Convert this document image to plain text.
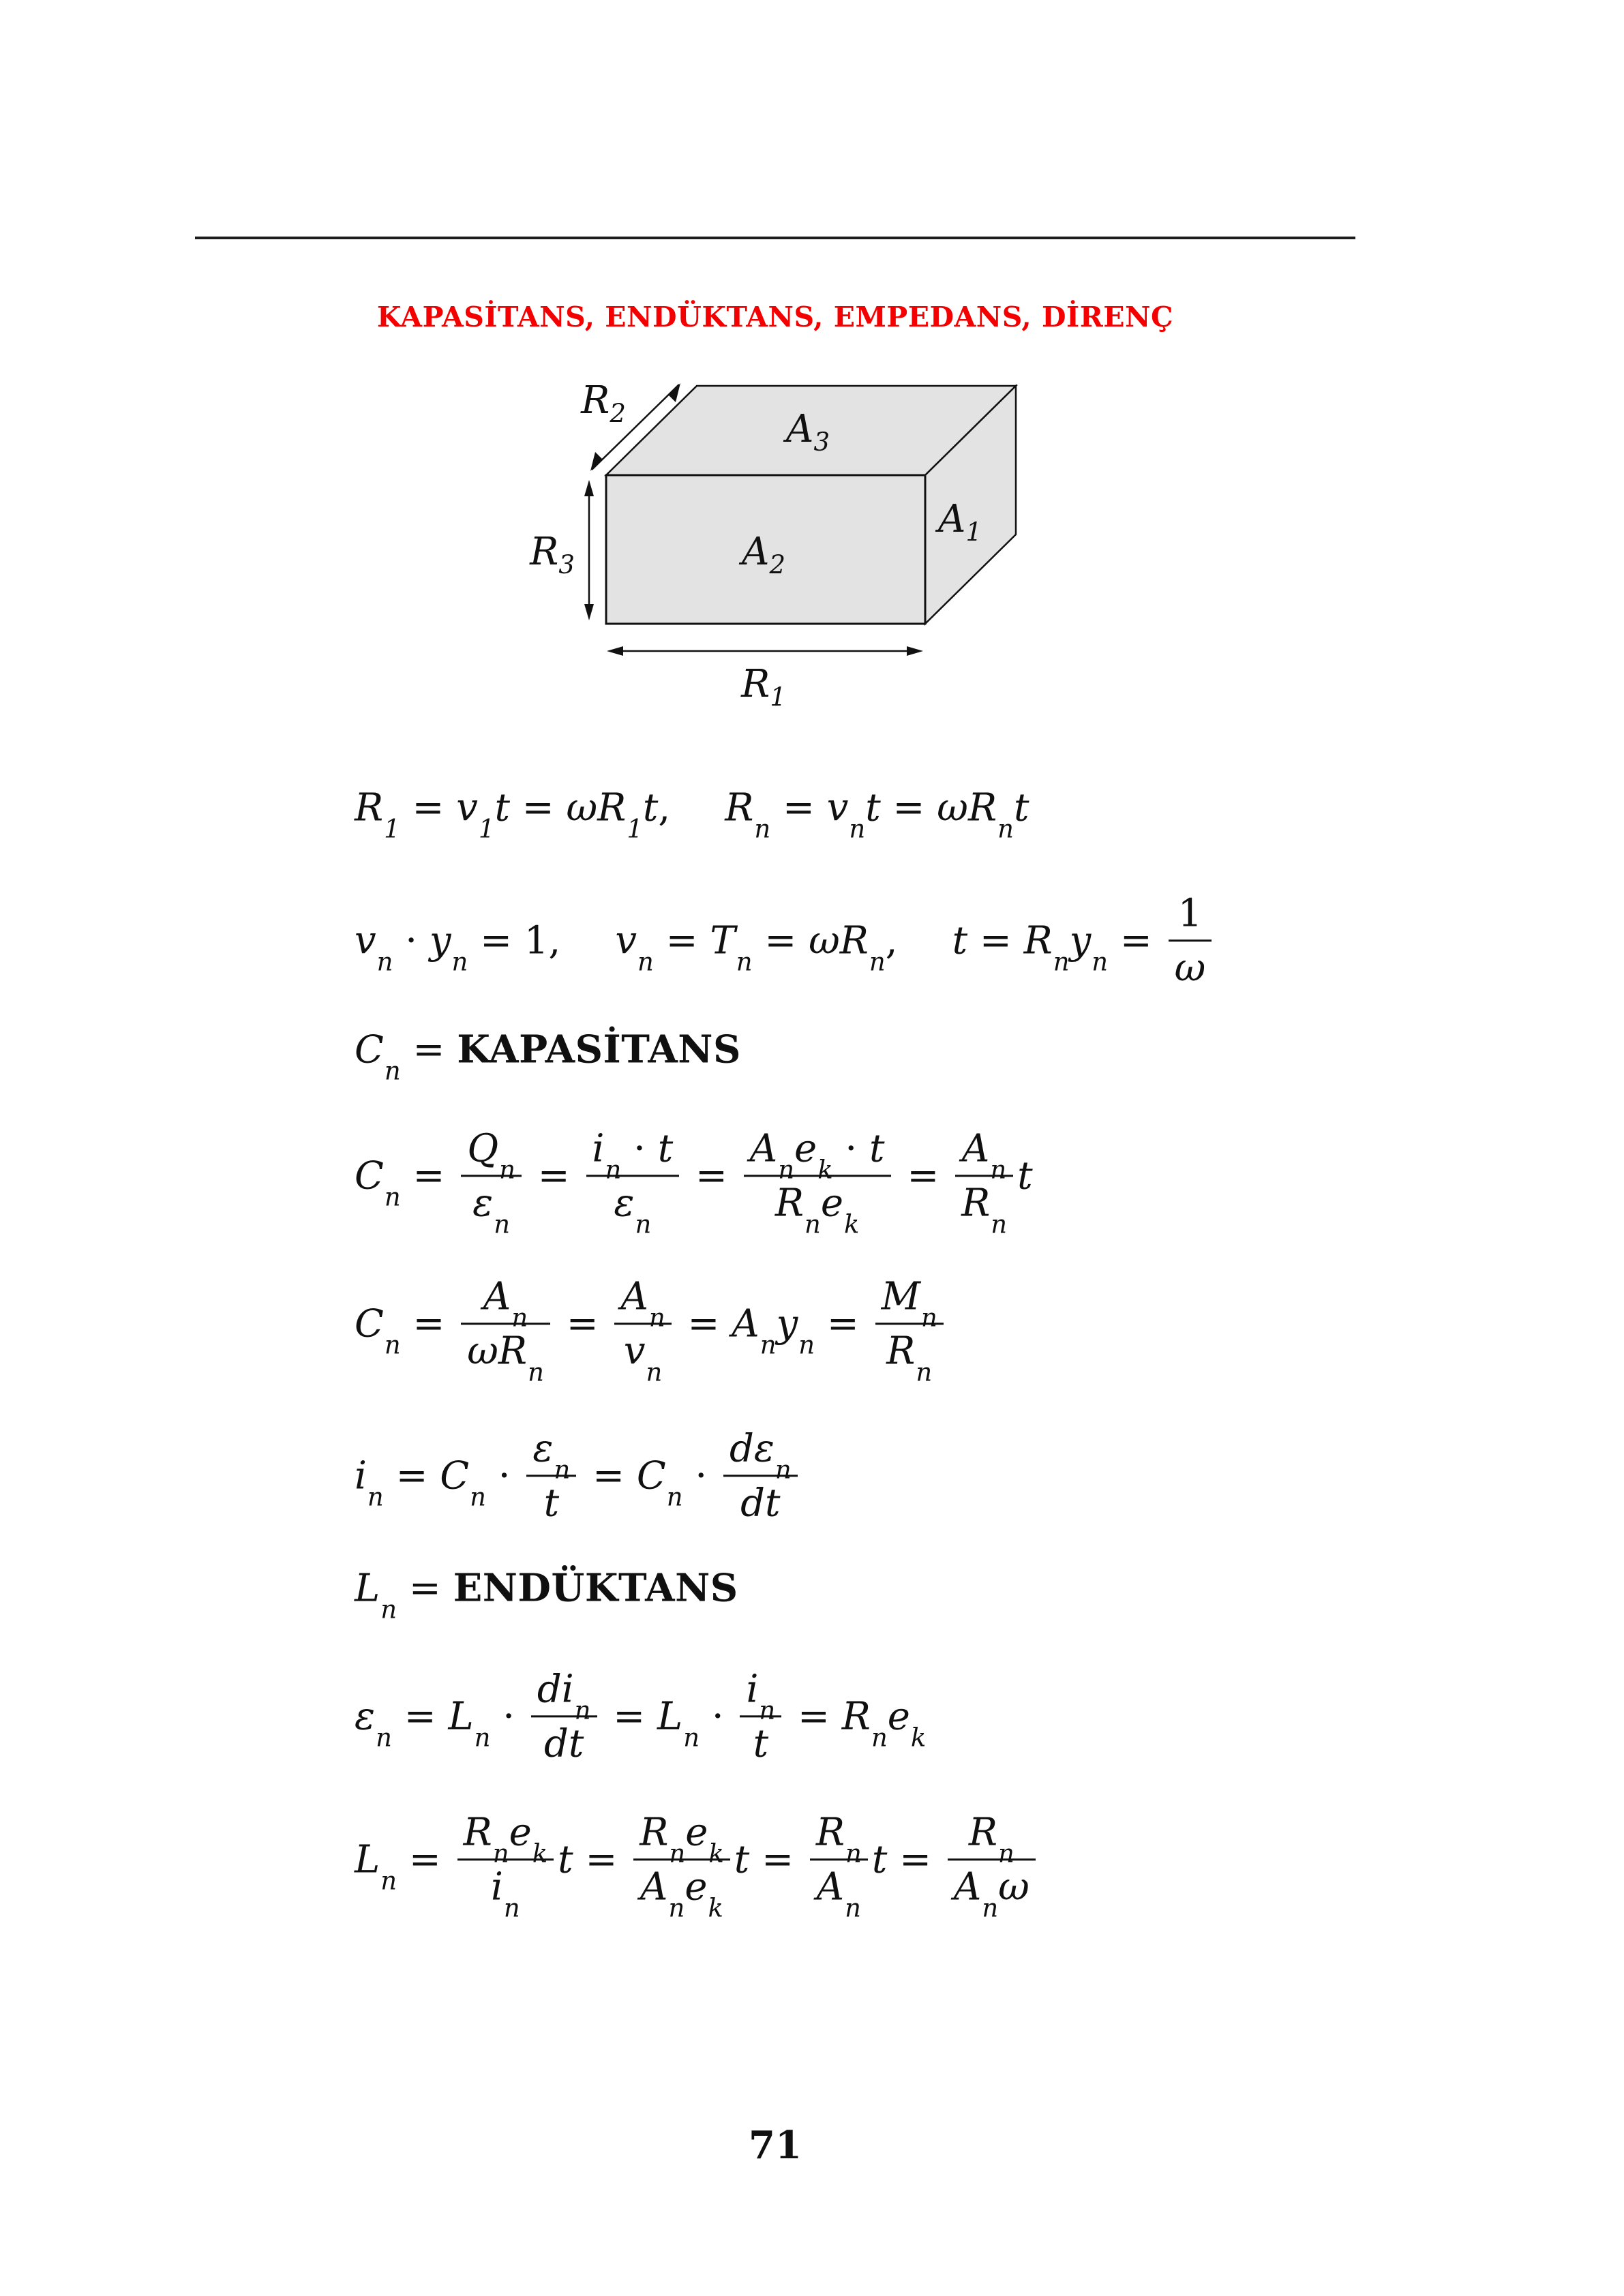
KAPASİTANS, ENDÜKTANS, EMPEDANS, DİRENÇ
$R_2$	$A_3$
$A_1$
$R_3$	$A_2$
$R_1$
$R_1 = v_1$ t = ω $R_1$ t , $R_n = v_n$ t = ω $R_n$ t
$v_n \cdot y_n = 1$, $v_n = T_n = \omega$ $R_n$ , $t = R_n$ $y_n = \frac{1}{\omega}$
$C_n$ = KAPASİTANS
$C_n = \frac{Q_n}{\varepsilon_n} = \frac{i_n \cdot t}{\varepsilon_n} = \frac{A_ne_k \cdot t}{R_ne_k} = \frac{A_n}{R_n}$ t
$C_n = \frac{A_n}{\omega R_n} = \frac{A_n}{v_n} = A_n$ $y_n = \frac{M_n}{R_n}$
$i_n = C_n \cdot \frac{\varepsilon_n}{t} = C_n \cdot \frac{d\varepsilon_n}{dt}$
$L_n$ = ENDÜKTANS
$\varepsilon_n = L_n \cdot \frac{di_n}{dt} = L_n \cdot \frac{i_n}{t} = R_n$ $e_k$
$L_n = \frac{R_ne_k}{i_n}$ $t = \frac{R_ne_k}{A_ne_k}$ $t = \frac{R_n}{A_n}$ $t = \frac{R_n}{A_n\omega}$
71
